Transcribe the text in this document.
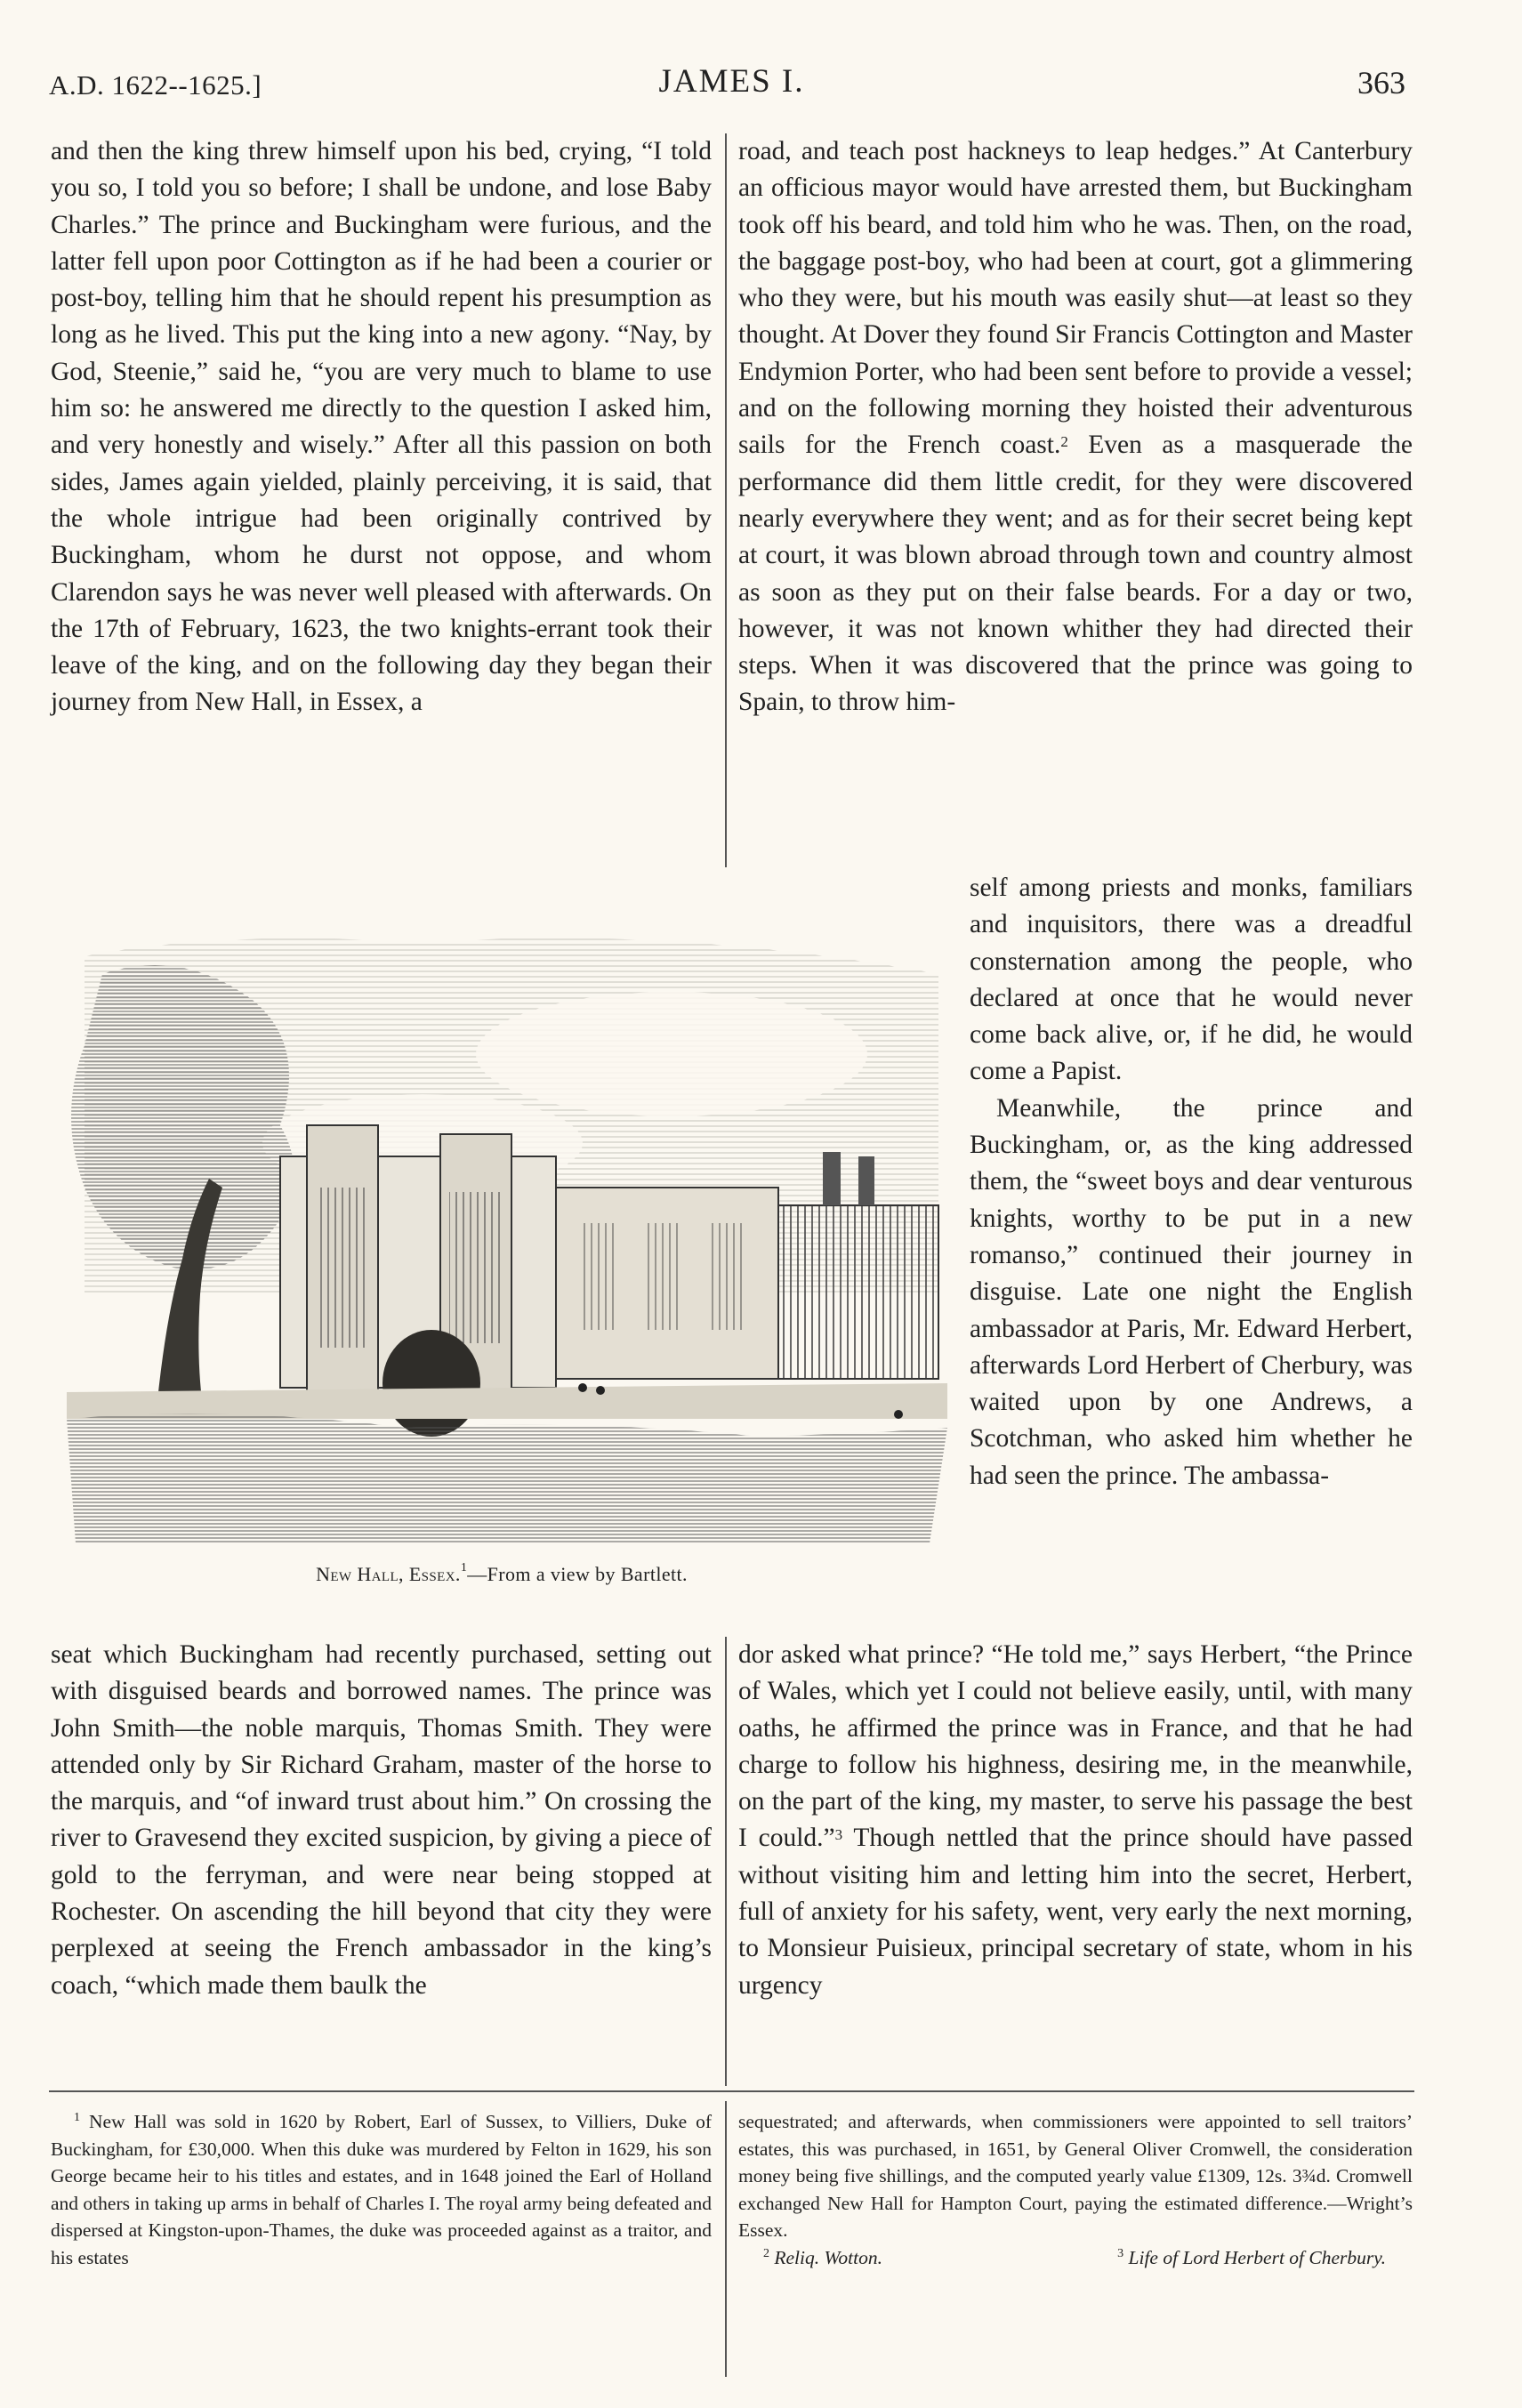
A.D. 1622--1625.]	JAMES I.	363

and then the king threw himself upon his bed, crying, “I told you so, I told you so before; I shall be undone, and lose Baby Charles.” The prince and Buckingham were furious, and the latter fell upon poor Cottington as if he had been a courier or post-boy, telling him that he should repent his presumption as long as he lived. This put the king into a new agony. “Nay, by God, Steenie,” said he, “you are very much to blame to use him so: he answered me directly to the question I asked him, and very honestly and wisely.” After all this passion on both sides, James again yielded, plainly perceiving, it is said, that the whole intrigue had been originally contrived by Buckingham, whom he durst not oppose, and whom Clarendon says he was never well pleased with afterwards. On the 17th of February, 1623, the two knights-errant took their leave of the king, and on the following day they began their journey from New Hall, in Essex, a

road, and teach post hackneys to leap hedges.” At Canterbury an officious mayor would have arrested them, but Buckingham took off his beard, and told him who he was. Then, on the road, the baggage post-boy, who had been at court, got a glimmering who they were, but his mouth was easily shut—at least so they thought. At Dover they found Sir Francis Cottington and Master Endymion Porter, who had been sent before to provide a vessel; and on the following morning they hoisted their adventurous sails for the French coast.$^2$ Even as a masquerade the performance did them little credit, for they were discovered nearly everywhere they went; and as for their secret being kept at court, it was blown abroad through town and country almost as soon as they put on their false beards. For a day or two, however, it was not known whither they had directed their steps. When it was discovered that the prince was going to Spain, to throw him-

self among priests and monks, familiars and inquisitors, there was a dreadful consternation among the people, who declared at once that he would never come back alive, or, if he did, he would come a Papist.

Meanwhile, the prince and Buckingham, or, as the king addressed them, the “sweet boys and dear venturous knights, worthy to be put in a new romanso,” continued their journey in disguise. Late one night the English ambassador at Paris, Mr. Edward Herbert, afterwards Lord Herbert of Cherbury, was waited upon by one Andrews, a Scotchman, who asked him whether he had seen the prince. The ambassa-

New Hall, Essex.$^1$—From a view by Bartlett.

seat which Buckingham had recently purchased, setting out with disguised beards and borrowed names. The prince was John Smith—the noble marquis, Thomas Smith. They were attended only by Sir Richard Graham, master of the horse to the marquis, and “of inward trust about him.” On crossing the river to Gravesend they excited suspicion, by giving a piece of gold to the ferryman, and were near being stopped at Rochester. On ascending the hill beyond that city they were perplexed at seeing the French ambassador in the king’s coach, “which made them baulk the

dor asked what prince? “He told me,” says Herbert, “the Prince of Wales, which yet I could not believe easily, until, with many oaths, he affirmed the prince was in France, and that he had charge to follow his highness, desiring me, in the meanwhile, on the part of the king, my master, to serve his passage the best I could.”$^3$ Though nettled that the prince should have passed without visiting him and letting him into the secret, Herbert, full of anxiety for his safety, went, very early the next morning, to Monsieur Puisieux, principal secretary of state, whom in his urgency

$^1$ New Hall was sold in 1620 by Robert, Earl of Sussex, to Villiers, Duke of Buckingham, for £30,000. When this duke was murdered by Felton in 1629, his son George became heir to his titles and estates, and in 1648 joined the Earl of Holland and others in taking up arms in behalf of Charles I. The royal army being defeated and dispersed at Kingston-upon-Thames, the duke was proceeded against as a traitor, and his estates

sequestrated; and afterwards, when commissioners were appointed to sell traitors’ estates, this was purchased, in 1651, by General Oliver Cromwell, the consideration money being five shillings, and the computed yearly value £1309, 12s. 3¾d. Cromwell exchanged New Hall for Hampton Court, paying the estimated difference.—Wright’s Essex.

$^2$ Reliq. Wotton.	$^3$ Life of Lord Herbert of Cherbury.
